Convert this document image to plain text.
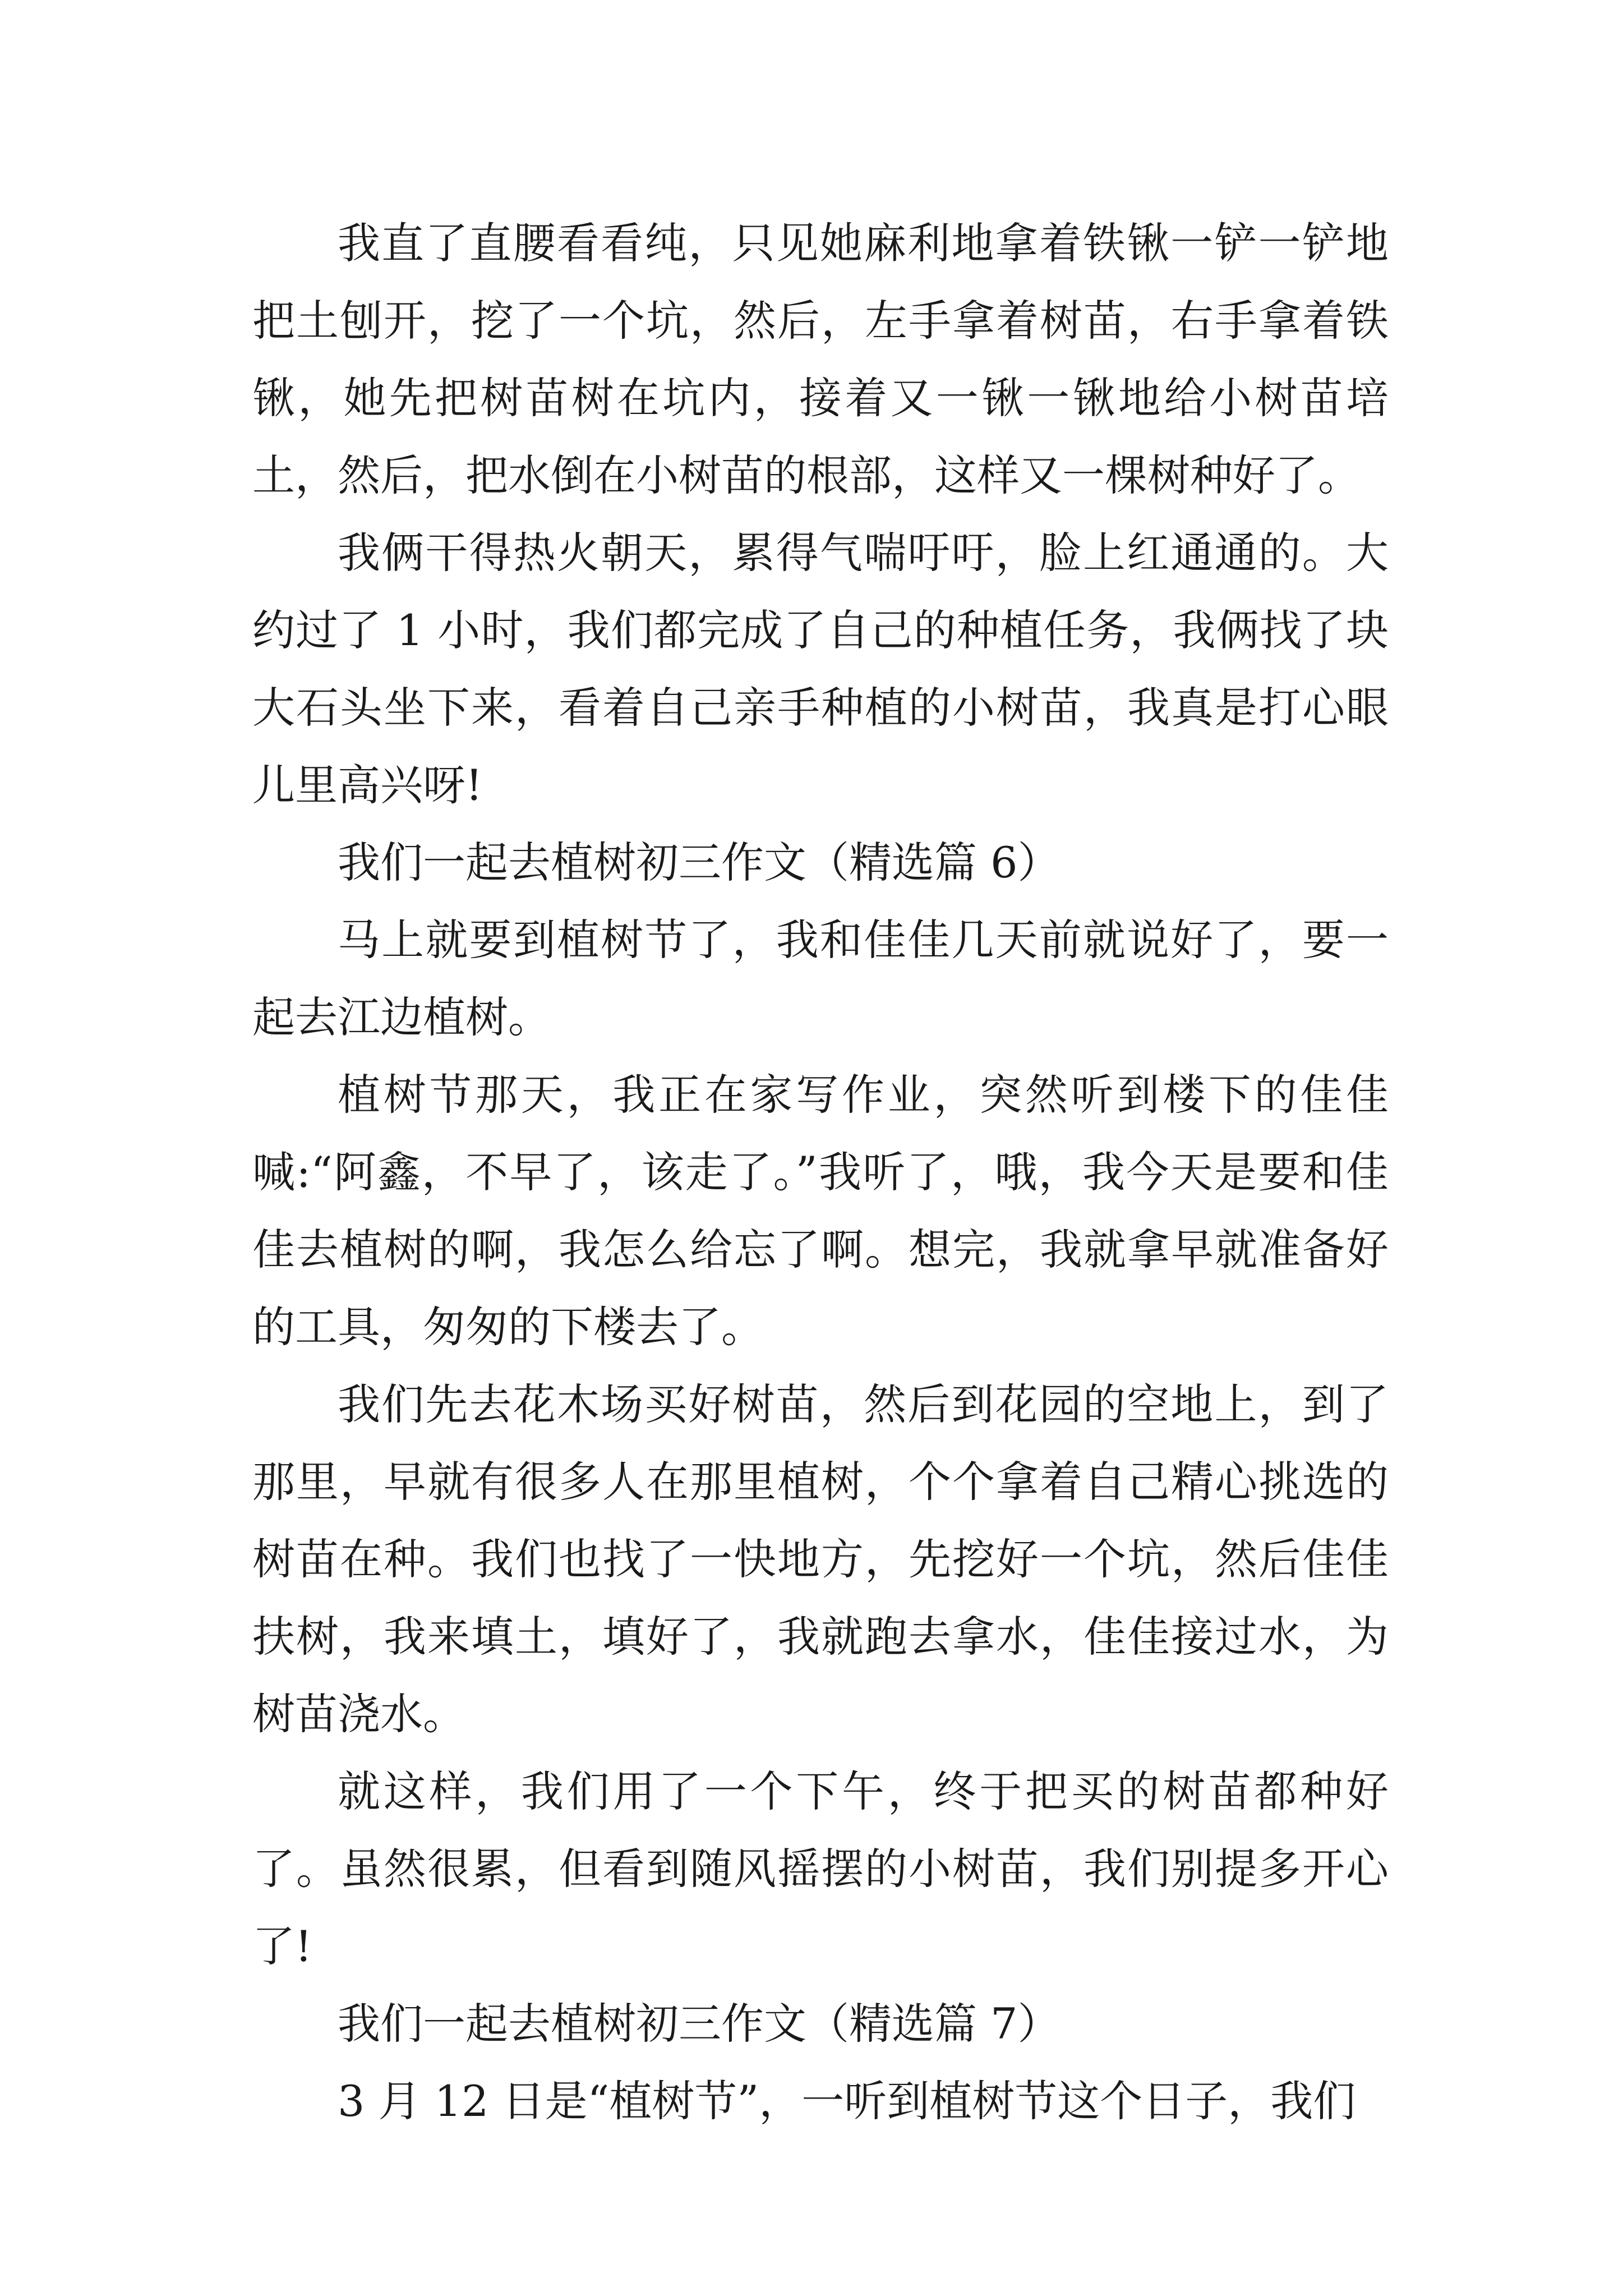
我直了直腰看看纯，只见她麻利地拿着铁锹一铲一铲地把土刨开，挖了一个坑，然后，左手拿着树苗，右手拿着铁锹，她先把树苗树在坑内，接着又一锹一锹地给小树苗培土，然后，把水倒在小树苗的根部，这样又一棵树种好了。

我俩干得热火朝天，累得气喘吁吁，脸上红通通的。大约过了 1 小时，我们都完成了自己的种植任务，我俩找了块大石头坐下来，看着自己亲手种植的小树苗，我真是打心眼儿里高兴呀!

我们一起去植树初三作文（精选篇 6）

马上就要到植树节了，我和佳佳几天前就说好了，要一起去江边植树。

植树节那天，我正在家写作业，突然听到楼下的佳佳喊:“阿鑫，不早了，该走了。”我听了，哦，我今天是要和佳佳去植树的啊，我怎么给忘了啊。想完，我就拿早就准备好的工具，匆匆的下楼去了。

我们先去花木场买好树苗，然后到花园的空地上，到了那里，早就有很多人在那里植树，个个拿着自己精心挑选的树苗在种。我们也找了一快地方，先挖好一个坑，然后佳佳扶树，我来填土，填好了，我就跑去拿水，佳佳接过水，为树苗浇水。

就这样，我们用了一个下午，终于把买的树苗都种好了。虽然很累，但看到随风摇摆的小树苗，我们别提多开心了!

我们一起去植树初三作文（精选篇 7）

3 月 12 日是“植树节”，一听到植树节这个日子，我们
